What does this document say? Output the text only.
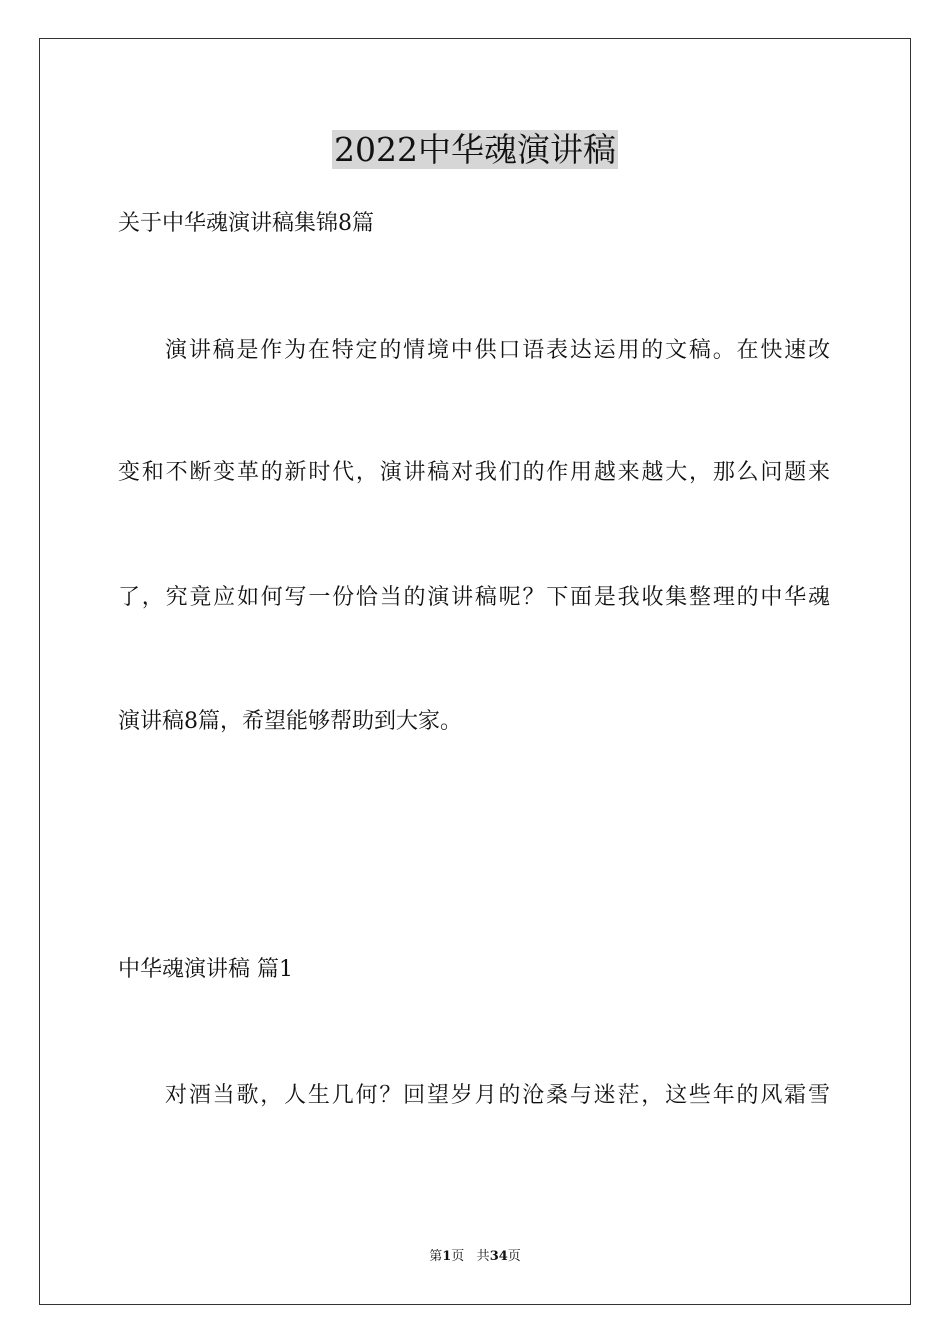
2022中华魂演讲稿
关于中华魂演讲稿集锦8篇
演讲稿是作为在特定的情境中供口语表达运用的文稿。在快速改
变和不断变革的新时代，演讲稿对我们的作用越来越大，那么问题来
了，究竟应如何写一份恰当的演讲稿呢？下面是我收集整理的中华魂
演讲稿8篇，希望能够帮助到大家。
中华魂演讲稿 篇1
对酒当歌，人生几何？回望岁月的沧桑与迷茫，这些年的风霜雪
第1页 共34页
